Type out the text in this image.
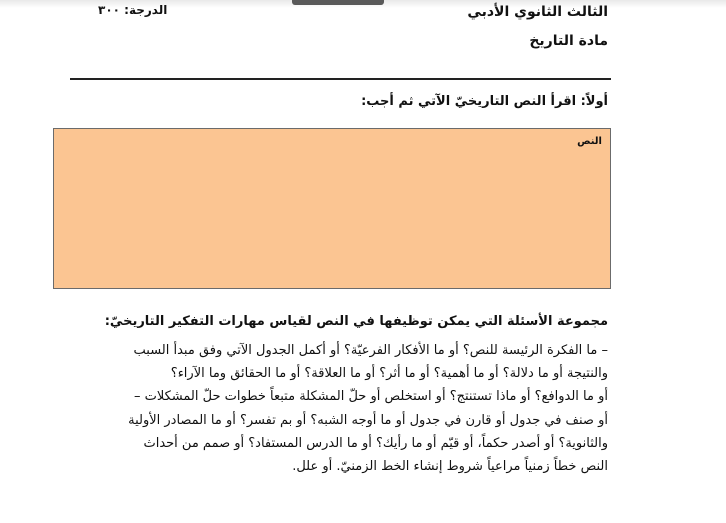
الدرجة: ٣٠٠	الثالث الثانوي الأدبي
مادة التاريخ
أولاً: اقرأ النص التاريخيّ الآتي ثم أجب:
النص
مجموعة الأسئلة التي يمكن توظيفها في النص لقياس مهارات التفكير التاريخيّ:
– ما الفكرة الرئيسة للنص؟ أو ما الأفكار الفرعيّة؟ أو أكمل الجدول الآتي وفق مبدأ السبب
والنتيجة أو ما دلالة؟ أو ما أهمية؟ أو ما أثر؟ أو ما العلاقة؟ أو ما الحقائق وما الآراء؟
أو ما الدوافع؟ أو ماذا تستنتج؟ أو استخلص أو حلّ المشكلة متبعاً خطوات حلّ المشكلات –
أو صنف في جدول أو قارن في جدول أو ما أوجه الشبه؟ أو بم تفسر؟ أو ما المصادر الأولية
والثانوية؟ أو أصدر حكماً، أو قيّم أو ما رأيك؟ أو ما الدرس المستفاد؟ أو صمم من أحداث
النص خطاً زمنياً مراعياً شروط إنشاء الخط الزمنيّ. أو علل.
